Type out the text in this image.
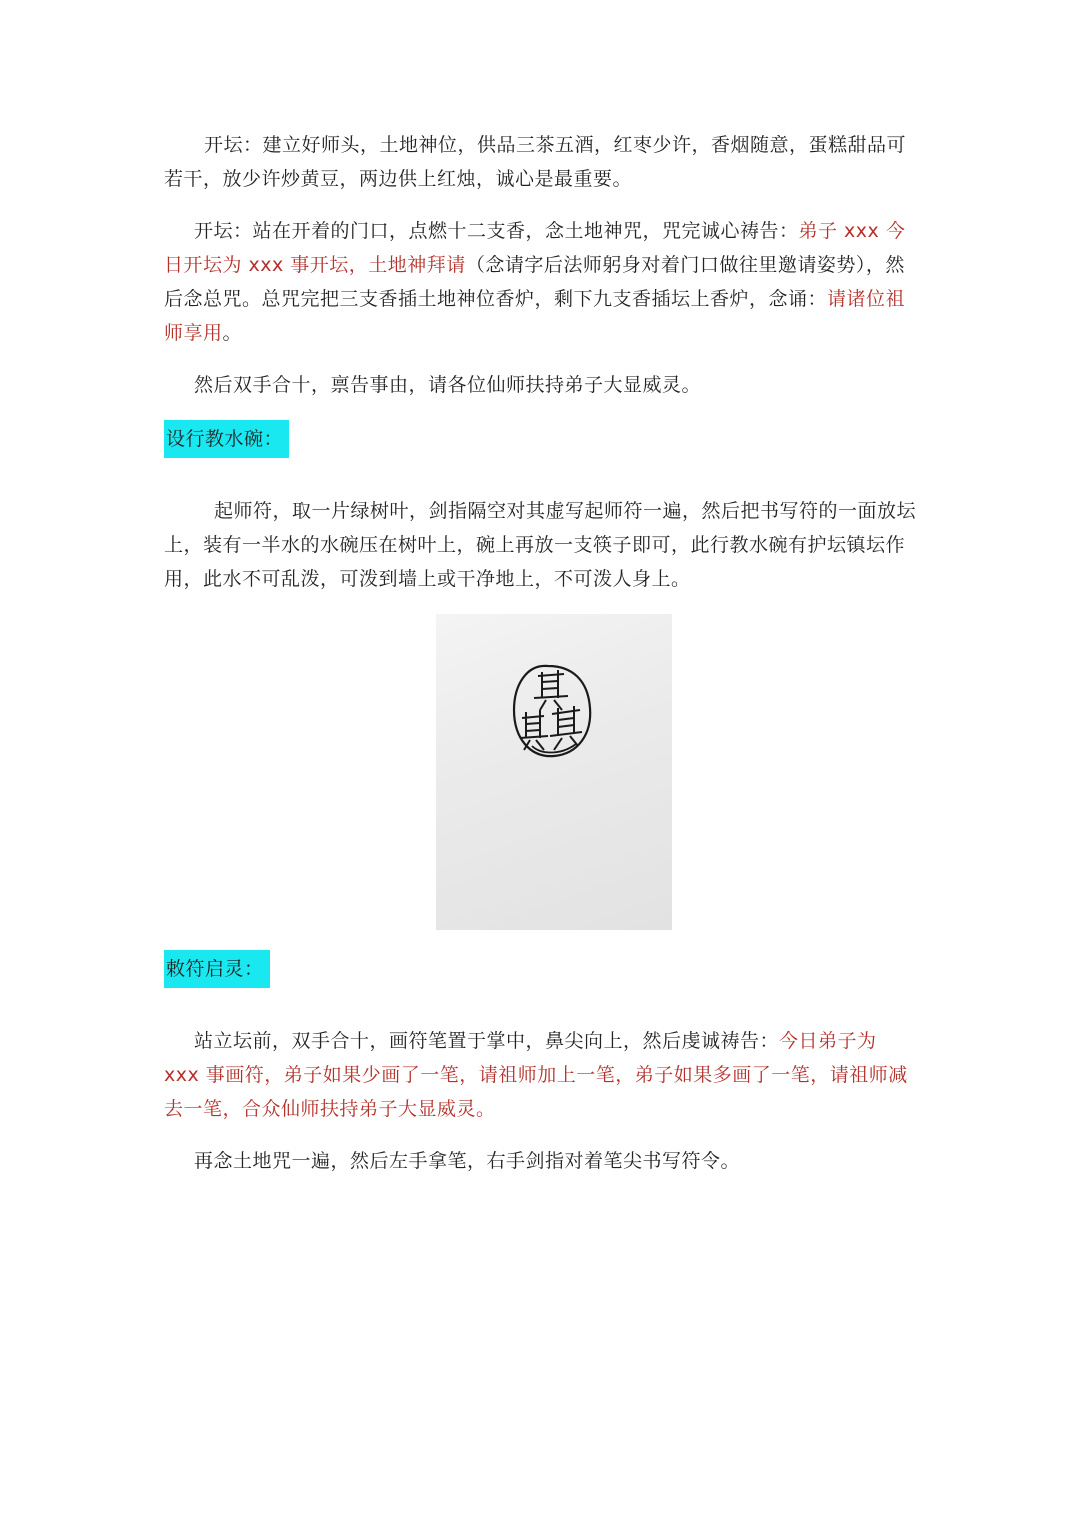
开坛：建立好师头，土地神位，供品三茶五酒，红枣少许，香烟随意，蛋糕甜品可若干，放少许炒黄豆，两边供上红烛，诚心是最重要。

开坛：站在开着的门口，点燃十二支香，念土地神咒，咒完诚心祷告：弟子 xxx 今日开坛为 xxx 事开坛，土地神拜请（念请字后法师躬身对着门口做往里邀请姿势），然后念总咒。总咒完把三支香插土地神位香炉，剩下九支香插坛上香炉，念诵：请诸位祖师享用。

然后双手合十，禀告事由，请各位仙师扶持弟子大显威灵。

设行教水碗：

起师符，取一片绿树叶，剑指隔空对其虚写起师符一遍，然后把书写符的一面放坛上，装有一半水的水碗压在树叶上，碗上再放一支筷子即可，此行教水碗有护坛镇坛作用，此水不可乱泼，可泼到墙上或干净地上，不可泼人身上。

敕符启灵：

站立坛前，双手合十，画符笔置于掌中，鼻尖向上，然后虔诚祷告：今日弟子为 xxx 事画符，弟子如果少画了一笔，请祖师加上一笔，弟子如果多画了一笔，请祖师减去一笔，合众仙师扶持弟子大显威灵。

再念土地咒一遍，然后左手拿笔，右手剑指对着笔尖书写符令。
